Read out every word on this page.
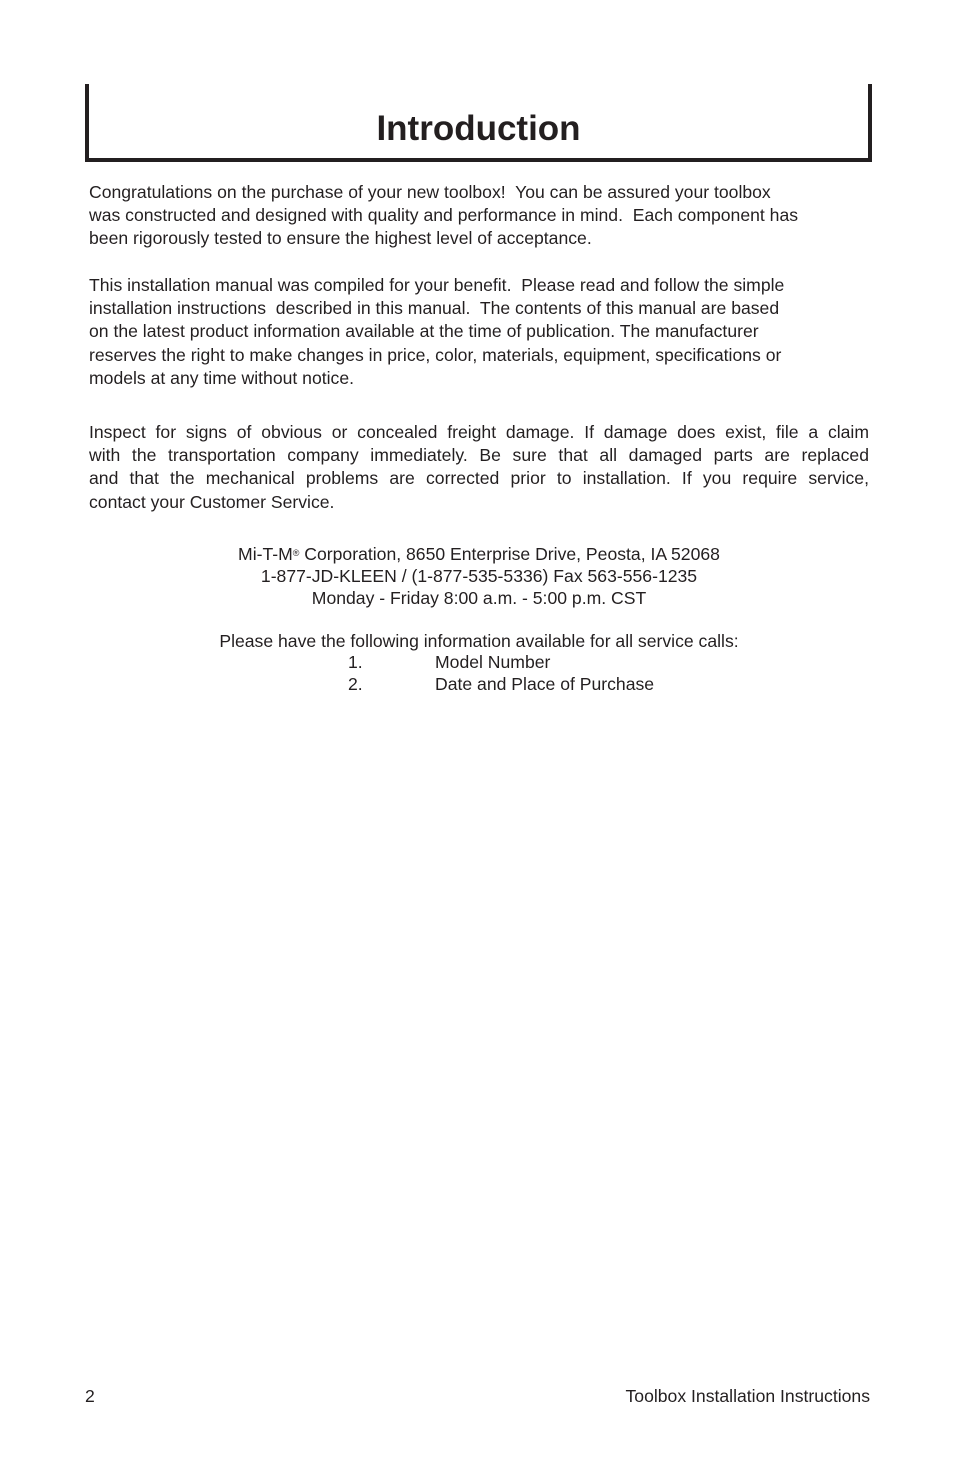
Introduction
Congratulations on the purchase of your new toolbox!  You can be assured your toolbox
was constructed and designed with quality and performance in mind.  Each component has
been rigorously tested to ensure the highest level of acceptance.
This installation manual was compiled for your benefit.  Please read and follow the simple
installation instructions  described in this manual.  The contents of this manual are based
on the latest product information available at the time of publication. The manufacturer
reserves the right to make changes in price, color, materials, equipment, specifications or
models at any time without notice.
Inspect for signs of obvious or concealed freight damage. If damage does exist, file a claim
with the transportation company immediately. Be sure that all damaged parts are replaced
and that the mechanical problems are corrected prior to installation. If you require service,
contact your Customer Service.
Mi-T-M® Corporation, 8650 Enterprise Drive, Peosta, IA 52068
1-877-JD-KLEEN / (1-877-535-5336) Fax 563-556-1235
Monday - Friday 8:00 a.m. - 5:00 p.m. CST
Please have the following information available for all service calls:
1.	Model Number
2.	Date and Place of Purchase
2	Toolbox Installation Instructions
